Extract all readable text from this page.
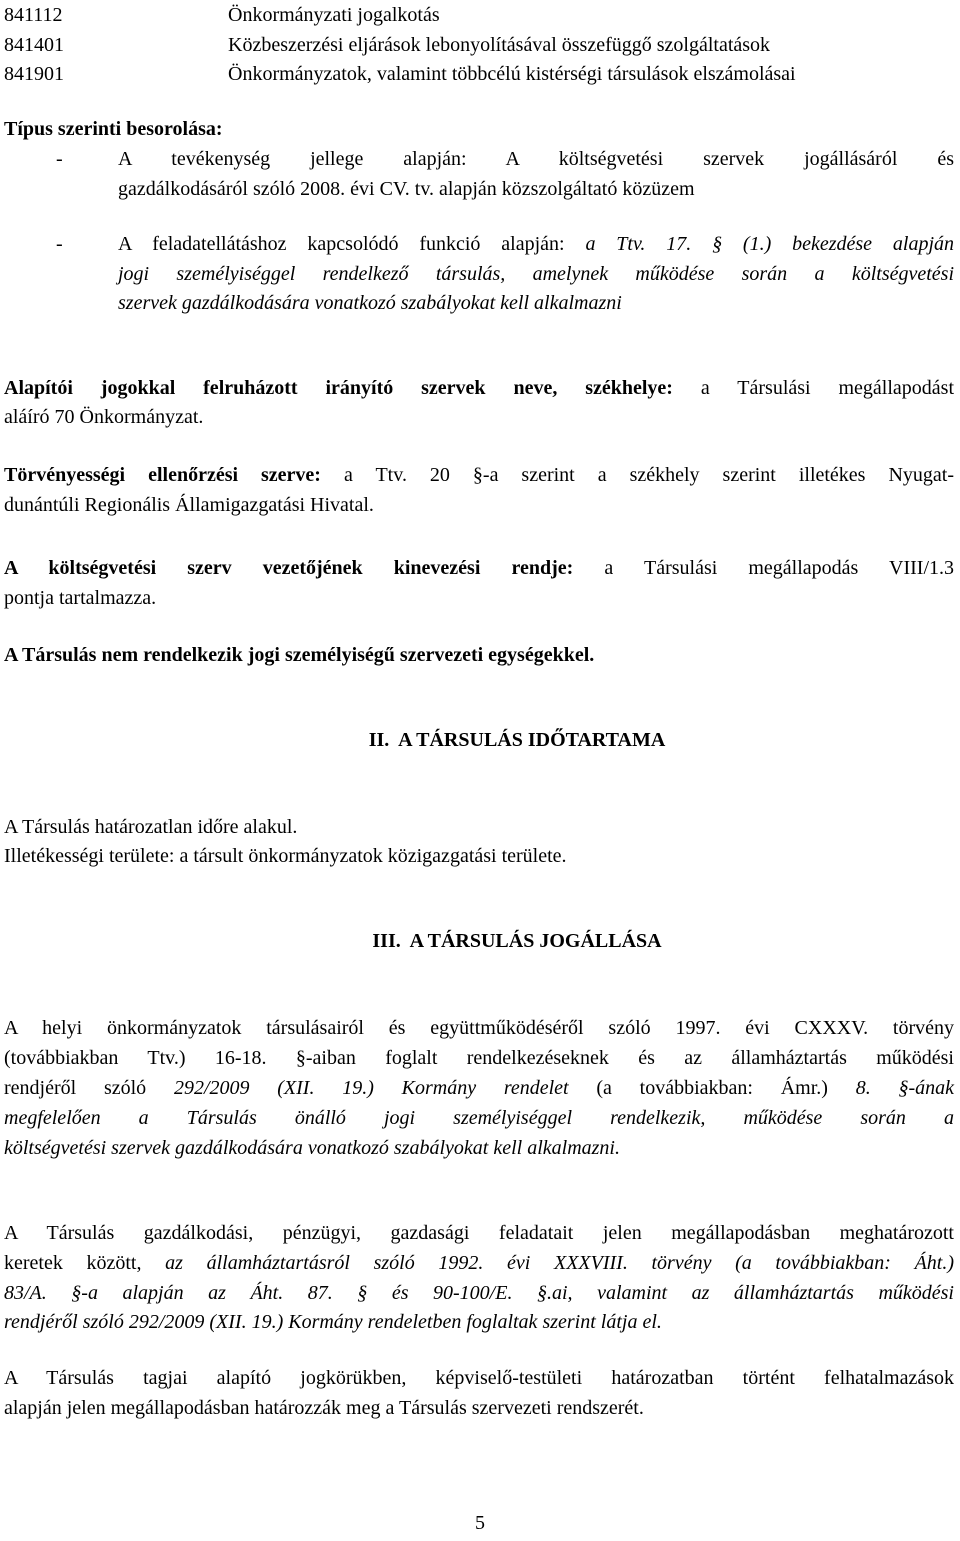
841112	Önkormányzati jogalkotás
841401	Közbeszerzési eljárások lebonyolításával összefüggő szolgáltatások
841901	Önkormányzatok, valamint többcélú kistérségi társulások elszámolásai
Típus szerinti besorolása:
-	A tevékenység jellege alapján: A költségvetési szervek jogállásáról és
gazdálkodásáról szóló 2008. évi CV. tv. alapján közszolgáltató közüzem
-	A feladatellátáshoz kapcsolódó funkció alapján: a Ttv. 17. § (1.) bekezdése alapján
jogi személyiséggel rendelkező társulás, amelynek működése során a költségvetési
szervek gazdálkodására vonatkozó szabályokat kell alkalmazni
Alapítói jogokkal felruházott irányító szervek neve, székhelye: a Társulási megállapodást
aláíró 70 Önkormányzat.
Törvényességi ellenőrzési szerve: a Ttv. 20 §-a szerint a székhely szerint illetékes Nyugat-
dunántúli Regionális Államigazgatási Hivatal.
A költségvetési szerv vezetőjének kinevezési rendje: a Társulási megállapodás VIII/1.3
pontja tartalmazza.
A Társulás nem rendelkezik jogi személyiségű szervezeti egységekkel.
II. A TÁRSULÁS IDŐTARTAMA
A Társulás határozatlan időre alakul.
Illetékességi területe: a társult önkormányzatok közigazgatási területe.
III. A TÁRSULÁS JOGÁLLÁSA
A helyi önkormányzatok társulásairól és együttműködéséről szóló 1997. évi CXXXV. törvény
(továbbiakban Ttv.) 16-18. §-aiban foglalt rendelkezéseknek és az államháztartás működési
rendjéről szóló 292/2009 (XII. 19.) Kormány rendelet (a továbbiakban: Ámr.) 8. §-ának
megfelelően a Társulás önálló jogi személyiséggel rendelkezik, működése során a
költségvetési szervek gazdálkodására vonatkozó szabályokat kell alkalmazni.
A Társulás gazdálkodási, pénzügyi, gazdasági feladatait jelen megállapodásban meghatározott
keretek között, az államháztartásról szóló 1992. évi XXXVIII. törvény (a továbbiakban: Áht.)
83/A. §-a alapján az Áht. 87. § és 90-100/E. §.ai, valamint az államháztartás működési
rendjéről szóló 292/2009 (XII. 19.) Kormány rendeletben foglaltak szerint látja el.
A Társulás tagjai alapító jogkörükben, képviselő-testületi határozatban történt felhatalmazások
alapján jelen megállapodásban határozzák meg a Társulás szervezeti rendszerét.
5
